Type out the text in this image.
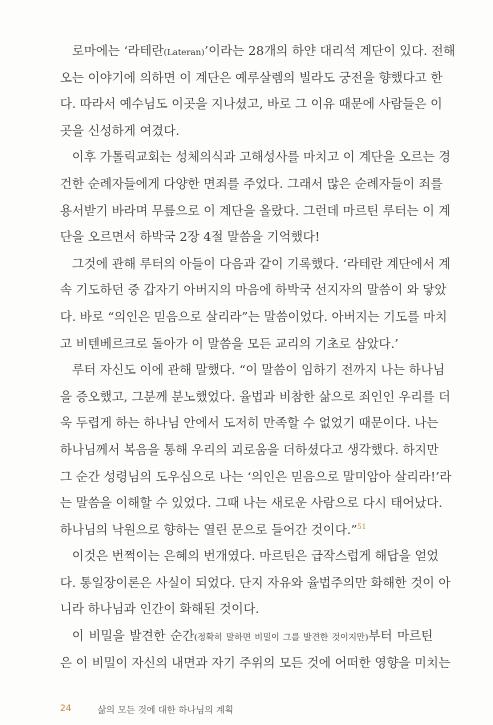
로마에는 ‘라테란(Lateran)’이라는 28개의 하얀 대리석 계단이 있다. 전해
오는 이야기에 의하면 이 계단은 예루살렘의 빌라도 궁전을 향했다고 한
다. 따라서 예수님도 이곳을 지나셨고, 바로 그 이유 때문에 사람들은 이
곳을 신성하게 여겼다.
이후 가톨릭교회는 성체의식과 고해성사를 마치고 이 계단을 오르는 경
건한 순례자들에게 다양한 면죄를 주었다. 그래서 많은 순례자들이 죄를
용서받기 바라며 무릎으로 이 계단을 올랐다. 그런데 마르틴 루터는 이 계
단을 오르면서 하박국 2장 4절 말씀을 기억했다!
그것에 관해 루터의 아들이 다음과 같이 기록했다. ‘라테란 계단에서 계
속 기도하던 중 갑자기 아버지의 마음에 하박국 선지자의 말씀이 와 닿았
다. 바로 “의인은 믿음으로 살리라”는 말씀이었다. 아버지는 기도를 마치
고 비텐베르크로 돌아가 이 말씀을 모든 교리의 기초로 삼았다.’
루터 자신도 이에 관해 말했다. “이 말씀이 임하기 전까지 나는 하나님
을 증오했고, 그분께 분노했었다. 율법과 비참한 삶으로 죄인인 우리를 더
욱 두렵게 하는 하나님 안에서 도저히 만족할 수 없었기 때문이다. 나는
하나님께서 복음을 통해 우리의 괴로움을 더하셨다고 생각했다. 하지만
그 순간 성령님의 도우심으로 나는 ‘의인은 믿음으로 말미암아 살리라!’라
는 말씀을 이해할 수 있었다. 그때 나는 새로운 사람으로 다시 태어났다.
하나님의 낙원으로 향하는 열린 문으로 들어간 것이다.”$^{51}$
이것은 번쩍이는 은혜의 번개였다. 마르틴은 급작스럽게 해답을 얻었
다. 통일장이론은 사실이 되었다. 단지 자유와 율법주의만 화해한 것이 아
니라 하나님과 인간이 화해된 것이다.
이 비밀을 발견한 순간(정확히 말하면 비밀이 그를 발견한 것이지만)부터 마르틴
은 이 비밀이 자신의 내면과 자기 주위의 모든 것에 어떠한 영향을 미치는
24	삶의 모든 것에 대한 하나님의 계획
